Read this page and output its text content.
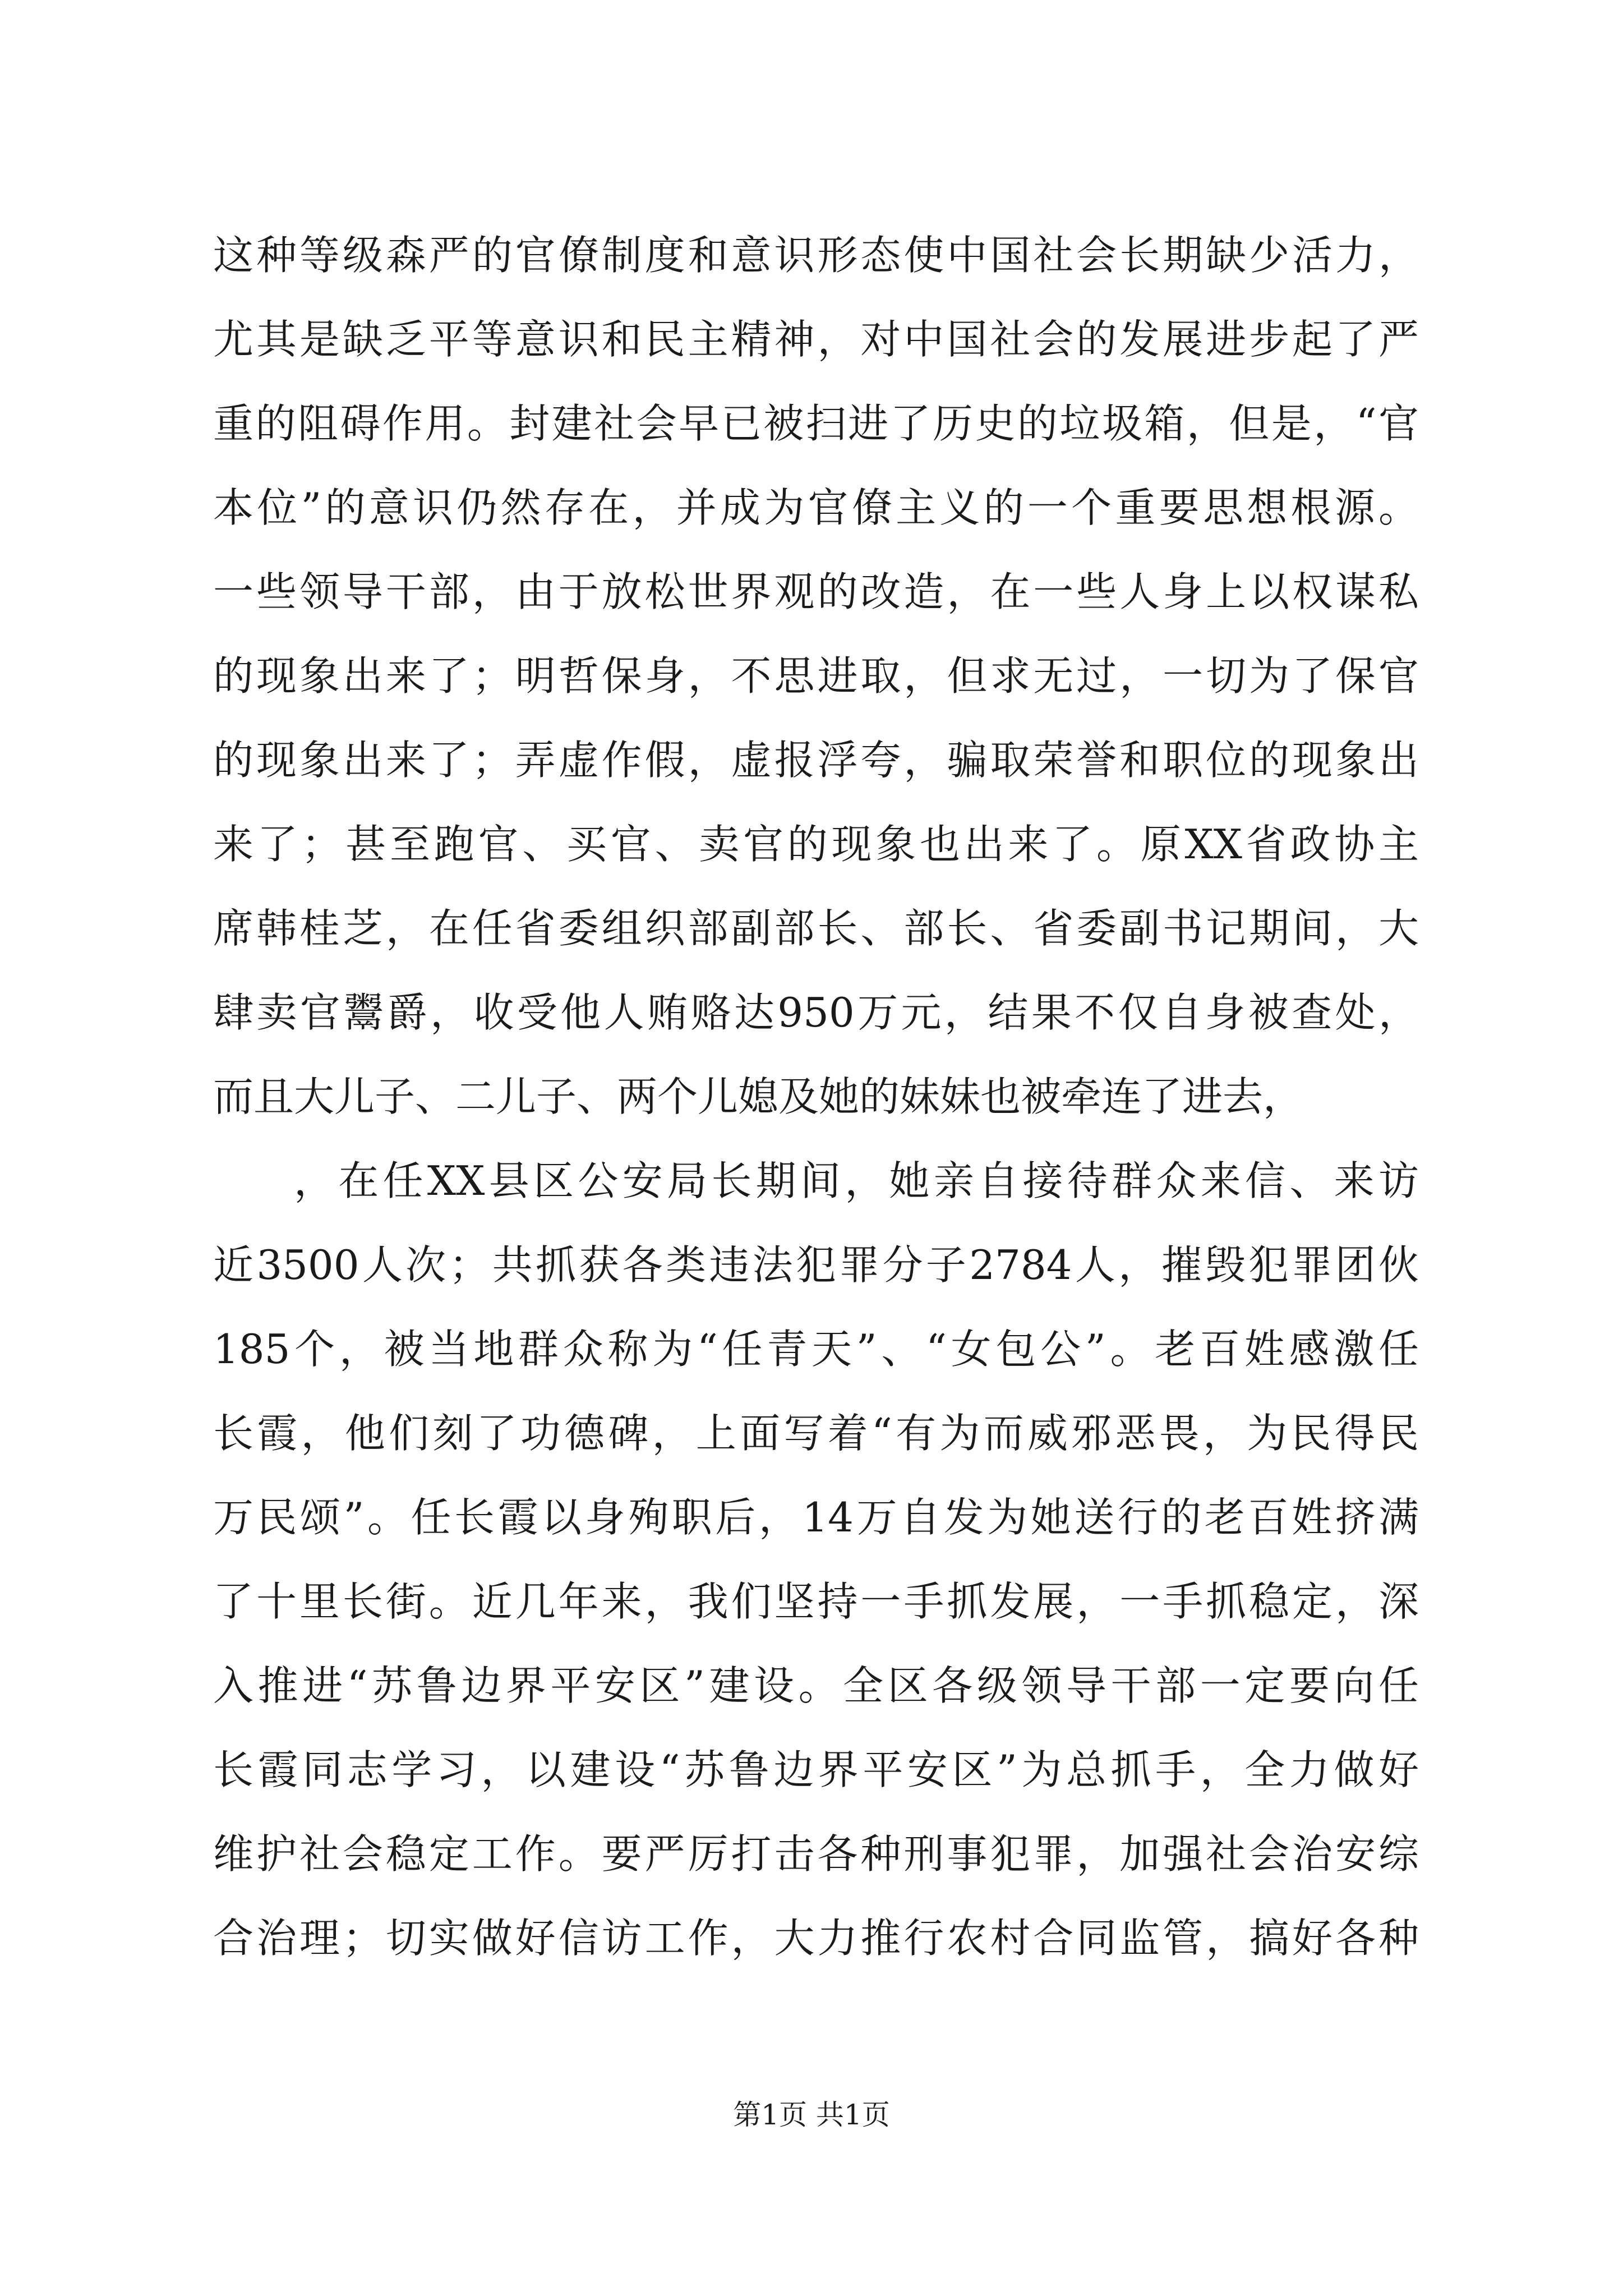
这种等级森严的官僚制度和意识形态使中国社会长期缺少活力，
尤其是缺乏平等意识和民主精神，对中国社会的发展进步起了严
重的阻碍作用。封建社会早已被扫进了历史的垃圾箱，但是，“官
本位”的意识仍然存在，并成为官僚主义的一个重要思想根源。
一些领导干部，由于放松世界观的改造，在一些人身上以权谋私
的现象出来了；明哲保身，不思进取，但求无过，一切为了保官
的现象出来了；弄虚作假，虚报浮夸，骗取荣誉和职位的现象出
来了；甚至跑官、买官、卖官的现象也出来了。原XX省政协主
席韩桂芝，在任省委组织部副部长、部长、省委副书记期间，大
肆卖官鬻爵，收受他人贿赂达950万元，结果不仅自身被查处，
而且大儿子、二儿子、两个儿媳及她的妹妹也被牵连了进去，
，在任XX县区公安局长期间，她亲自接待群众来信、来访
近3500人次；共抓获各类违法犯罪分子2784人，摧毁犯罪团伙
185个，被当地群众称为“任青天”、“女包公”。老百姓感激任
长霞，他们刻了功德碑，上面写着“有为而威邪恶畏，为民得民
万民颂”。任长霞以身殉职后，14万自发为她送行的老百姓挤满
了十里长街。近几年来，我们坚持一手抓发展，一手抓稳定，深
入推进“苏鲁边界平安区”建设。全区各级领导干部一定要向任
长霞同志学习，以建设“苏鲁边界平安区”为总抓手，全力做好
维护社会稳定工作。要严厉打击各种刑事犯罪，加强社会治安综
合治理；切实做好信访工作，大力推行农村合同监管，搞好各种
第1页 共1页
